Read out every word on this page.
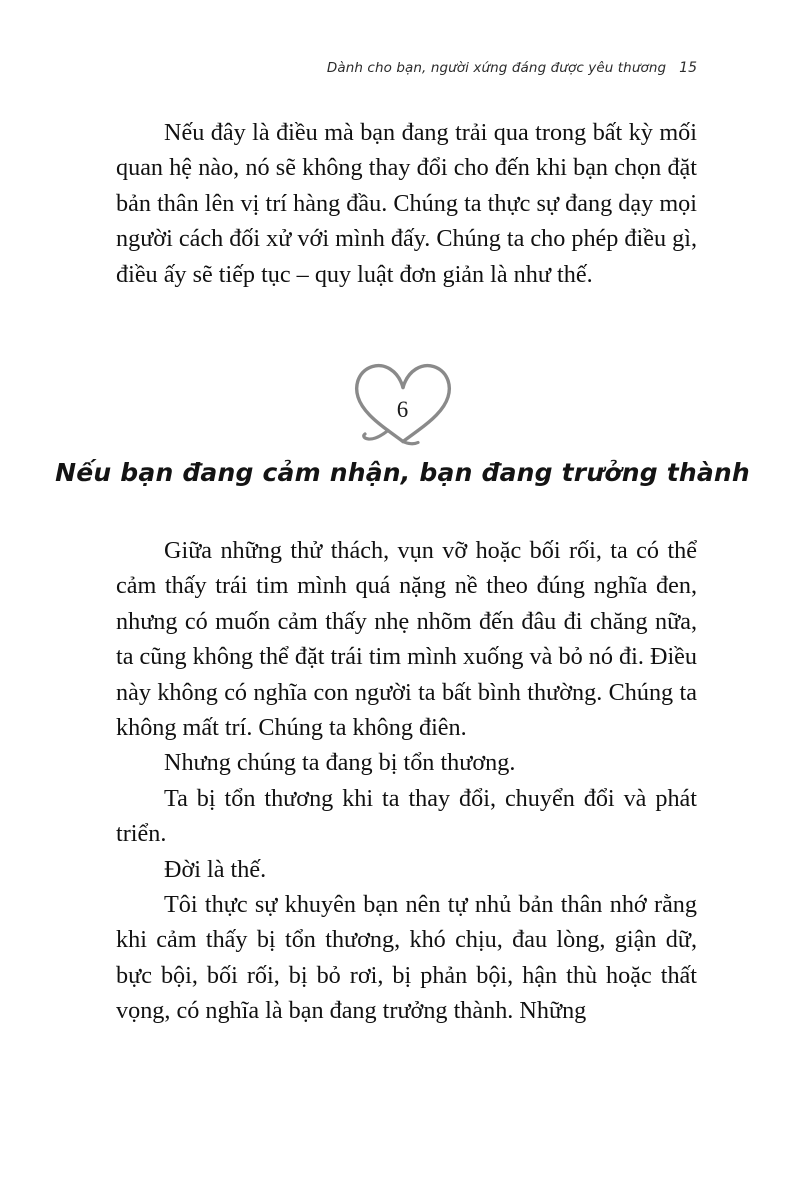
Dành cho bạn, người xứng đáng được yêu thương 15

Nếu đây là điều mà bạn đang trải qua trong bất kỳ mối quan hệ nào, nó sẽ không thay đổi cho đến khi bạn chọn đặt bản thân lên vị trí hàng đầu. Chúng ta thực sự đang dạy mọi người cách đối xử với mình đấy. Chúng ta cho phép điều gì, điều ấy sẽ tiếp tục – quy luật đơn giản là như thế.

6
Nếu bạn đang cảm nhận, bạn đang trưởng thành

Giữa những thử thách, vụn vỡ hoặc bối rối, ta có thể cảm thấy trái tim mình quá nặng nề theo đúng nghĩa đen, nhưng có muốn cảm thấy nhẹ nhõm đến đâu đi chăng nữa, ta cũng không thể đặt trái tim mình xuống và bỏ nó đi. Điều này không có nghĩa con người ta bất bình thường. Chúng ta không mất trí. Chúng ta không điên.

Nhưng chúng ta đang bị tổn thương.

Ta bị tổn thương khi ta thay đổi, chuyển đổi và phát triển.

Đời là thế.

Tôi thực sự khuyên bạn nên tự nhủ bản thân nhớ rằng khi cảm thấy bị tổn thương, khó chịu, đau lòng, giận dữ, bực bội, bối rối, bị bỏ rơi, bị phản bội, hận thù hoặc thất vọng, có nghĩa là bạn đang trưởng thành. Những
